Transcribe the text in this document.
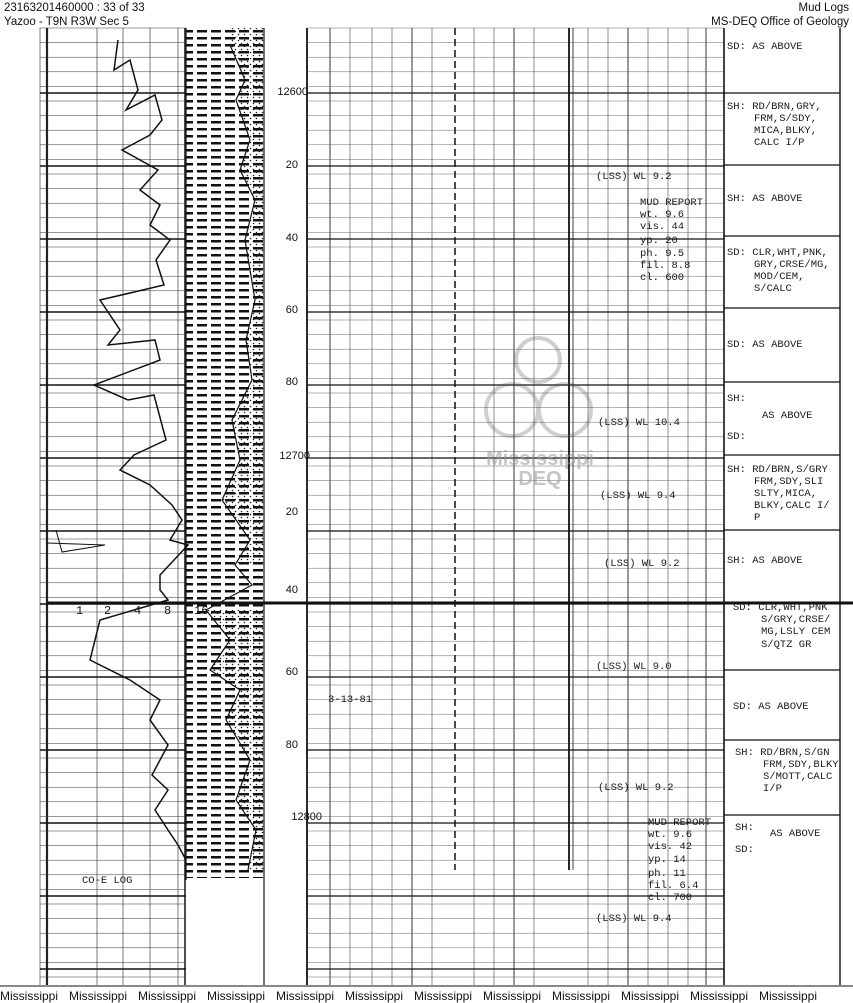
23163201460000 : 33 of 33
Yazoo - T9N R3W Sec 5
Mud Logs
MS-DEQ Office of Geology
12600
20
40
60
80
12700
20
40
60
80
12800
1 2 4 8 16
CO-E LOG
3-13-81
(LSS) WL 9.2
(LSS) WL 10.4
(LSS) WL 9.4
(LSS) WL 9.2
(LSS) WL 9.0
(LSS) WL 9.2
(LSS) WL 9.4
MUD REPORT
wt. 9.6
vis. 44
yp. 20
ph. 9.5
fil. 8.8
cl. 600
MUD REPORT
wt. 9.6
vis. 42
yp. 14
ph. 11
fil. 6.4
cl. 700
SD: AS ABOVE
SH: RD/BRN,GRY,
FRM,S/SDY,
MICA,BLKY,
CALC I/P
SH: AS ABOVE
SD: CLR,WHT,PNK,
GRY,CRSE/MG,
MOD/CEM,
S/CALC
SD: AS ABOVE
SH:
AS ABOVE
SD:
SH: RD/BRN,S/GRY
FRM,SDY,SLI
SLTY,MICA,
BLKY,CALC I/
P
SH: AS ABOVE
SD: CLR,WHT,PNK
S/GRY,CRSE/
MG,LSLY CEM
S/QTZ GR
SD: AS ABOVE
SH: RD/BRN,S/GN
FRM,SDY,BLKY
S/MOTT,CALC
I/P
SH: AS ABOVE
SD:
Mississippi
DEQ
Mississippi Mississippi Mississippi Mississippi Mississippi Mississippi Mississippi Mississippi Mississippi Mississippi Mississippi Mississippi
